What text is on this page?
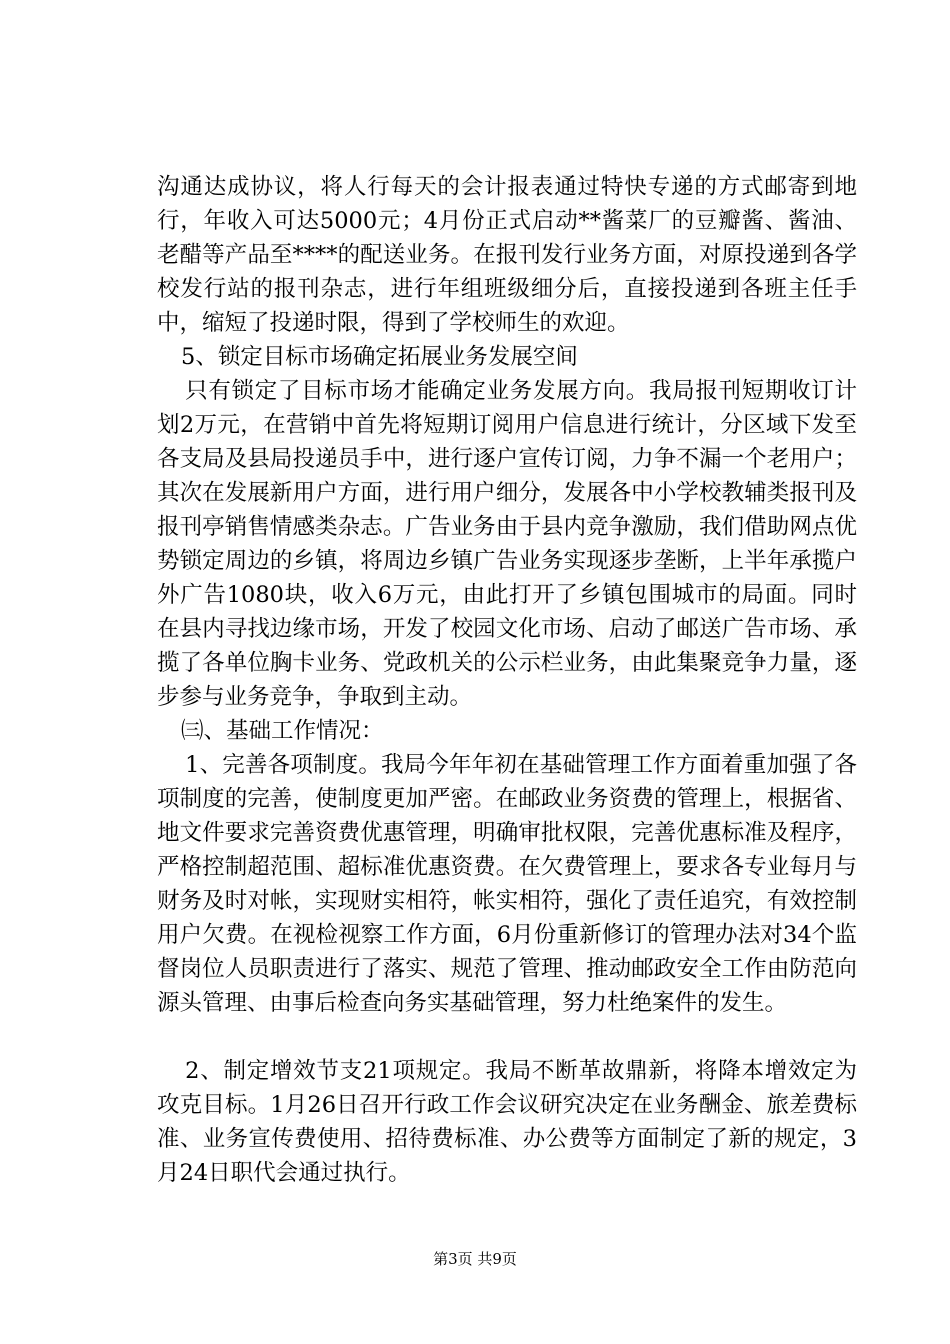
沟通达成协议，将人行每天的会计报表通过特快专递的方式邮寄到地行，年收入可达5000元；4月份正式启动**酱菜厂的豆瓣酱、酱油、老醋等产品至****的配送业务。在报刊发行业务方面，对原投递到各学校发行站的报刊杂志，进行年组班级细分后，直接投递到各班主任手中，缩短了投递时限，得到了学校师生的欢迎。

5、锁定目标市场确定拓展业务发展空间

只有锁定了目标市场才能确定业务发展方向。我局报刊短期收订计划2万元，在营销中首先将短期订阅用户信息进行统计，分区域下发至各支局及县局投递员手中，进行逐户宣传订阅，力争不漏一个老用户；其次在发展新用户方面，进行用户细分，发展各中小学校教辅类报刊及报刊亭销售情感类杂志。广告业务由于县内竞争激励，我们借助网点优势锁定周边的乡镇，将周边乡镇广告业务实现逐步垄断，上半年承揽户外广告1080块，收入6万元，由此打开了乡镇包围城市的局面。同时在县内寻找边缘市场，开发了校园文化市场、启动了邮送广告市场、承揽了各单位胸卡业务、党政机关的公示栏业务，由此集聚竞争力量，逐步参与业务竞争，争取到主动。

㈢、基础工作情况：

1、完善各项制度。我局今年年初在基础管理工作方面着重加强了各项制度的完善，使制度更加严密。在邮政业务资费的管理上，根据省、地文件要求完善资费优惠管理，明确审批权限，完善优惠标准及程序，严格控制超范围、超标准优惠资费。在欠费管理上，要求各专业每月与财务及时对帐，实现财实相符，帐实相符，强化了责任追究，有效控制用户欠费。在视检视察工作方面，6月份重新修订的管理办法对34个监督岗位人员职责进行了落实、规范了管理、推动邮政安全工作由防范向源头管理、由事后检查向务实基础管理，努力杜绝案件的发生。

2、制定增效节支21项规定。我局不断革故鼎新，将降本增效定为攻克目标。1月26日召开行政工作会议研究决定在业务酬金、旅差费标准、业务宣传费使用、招待费标准、办公费等方面制定了新的规定，3月24日职代会通过执行。

第3页 共9页
